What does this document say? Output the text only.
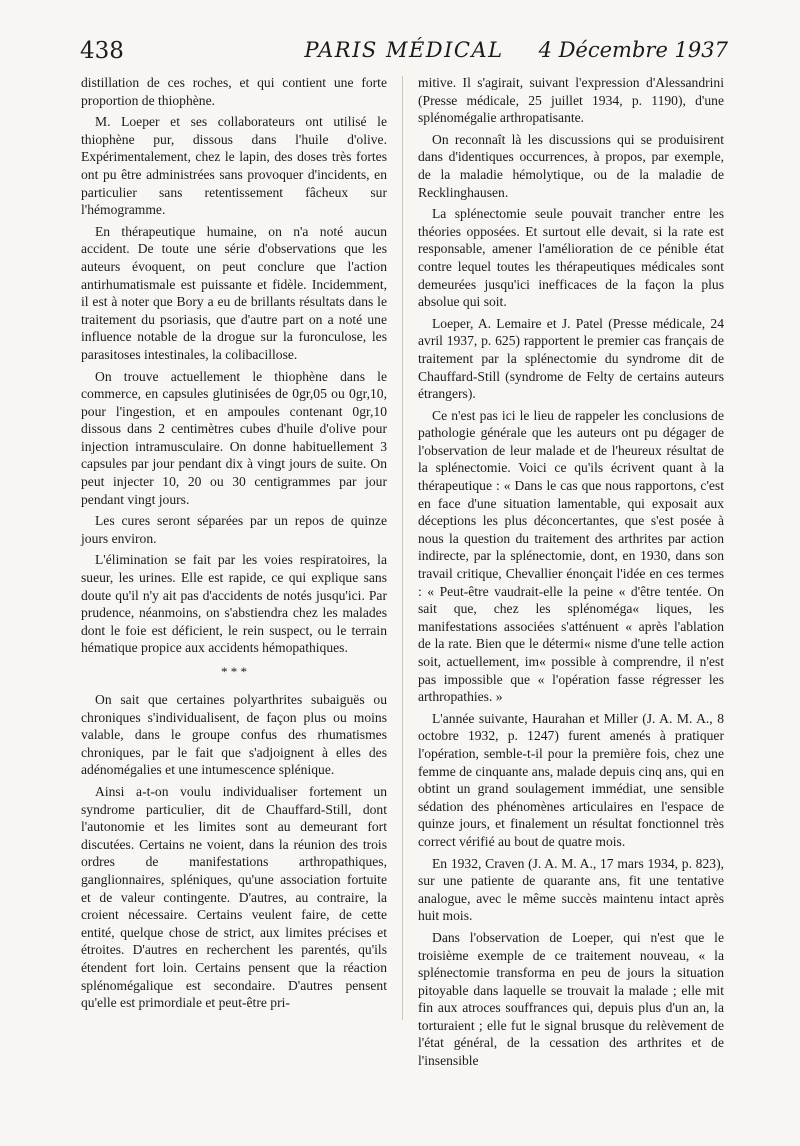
438	PARIS MÉDICAL	4 Décembre 1937

distillation de ces roches, et qui contient une forte proportion de thiophène.

M. Loeper et ses collaborateurs ont utilisé le thiophène pur, dissous dans l'huile d'olive. Expérimentalement, chez le lapin, des doses très fortes ont pu être administrées sans provoquer d'incidents, en particulier sans retentissement fâcheux sur l'hémogramme.

En thérapeutique humaine, on n'a noté aucun accident. De toute une série d'observations que les auteurs évoquent, on peut conclure que l'action antirhumatismale est puissante et fidèle. Incidemment, il est à noter que Bory a eu de brillants résultats dans le traitement du psoriasis, que d'autre part on a noté une influence notable de la drogue sur la furonculose, les parasitoses intestinales, la colibacillose.

On trouve actuellement le thiophène dans le commerce, en capsules glutinisées de 0gr,05 ou 0gr,10, pour l'ingestion, et en ampoules contenant 0gr,10 dissous dans 2 centimètres cubes d'huile d'olive pour injection intramusculaire. On donne habituellement 3 capsules par jour pendant dix à vingt jours de suite. On peut injecter 10, 20 ou 30 centigrammes par jour pendant vingt jours.

Les cures seront séparées par un repos de quinze jours environ.

L'élimination se fait par les voies respiratoires, la sueur, les urines. Elle est rapide, ce qui explique sans doute qu'il n'y ait pas d'accidents de notés jusqu'ici. Par prudence, néanmoins, on s'abstiendra chez les malades dont le foie est déficient, le rein suspect, ou le terrain hématique propice aux accidents hémopathiques.

* * *

On sait que certaines polyarthrites subaiguës ou chroniques s'individualisent, de façon plus ou moins valable, dans le groupe confus des rhumatismes chroniques, par le fait que s'adjoignent à elles des adénomégalies et une intumescence splénique.

Ainsi a-t-on voulu individualiser fortement un syndrome particulier, dit de Chauffard-Still, dont l'autonomie et les limites sont au demeurant fort discutées. Certains ne voient, dans la réunion des trois ordres de manifestations arthropathiques, ganglionnaires, spléniques, qu'une association fortuite et de valeur contingente. D'autres, au contraire, la croient nécessaire. Certains veulent faire, de cette entité, quelque chose de strict, aux limites précises et étroites. D'autres en recherchent les parentés, qu'ils étendent fort loin. Certains pensent que la réaction splénomégalique est secondaire. D'autres pensent qu'elle est primordiale et peut-être pri-

mitive. Il s'agirait, suivant l'expression d'Alessandrini (Presse médicale, 25 juillet 1934, p. 1190), d'une splénomégalie arthropatisante.

On reconnaît là les discussions qui se produisirent dans d'identiques occurrences, à propos, par exemple, de la maladie hémolytique, ou de la maladie de Recklinghausen.

La splénectomie seule pouvait trancher entre les théories opposées. Et surtout elle devait, si la rate est responsable, amener l'amélioration de ce pénible état contre lequel toutes les thérapeutiques médicales sont demeurées jusqu'ici inefficaces de la façon la plus absolue qui soit.

Loeper, A. Lemaire et J. Patel (Presse médicale, 24 avril 1937, p. 625) rapportent le premier cas français de traitement par la splénectomie du syndrome dit de Chauffard-Still (syndrome de Felty de certains auteurs étrangers).

Ce n'est pas ici le lieu de rappeler les conclusions de pathologie générale que les auteurs ont pu dégager de l'observation de leur malade et de l'heureux résultat de la splénectomie. Voici ce qu'ils écrivent quant à la thérapeutique : « Dans le cas que nous rapportons, c'est en face d'une situation lamentable, qui exposait aux déceptions les plus déconcertantes, que s'est posée à nous la question du traitement des arthrites par action indirecte, par la splénectomie, dont, en 1930, dans son travail critique, Chevallier énonçait l'idée en ces termes : « Peut-être vaudrait-elle la peine « d'être tentée. On sait que, chez les splénoméga« liques, les manifestations associées s'atténuent « après l'ablation de la rate. Bien que le détermi« nisme d'une telle action soit, actuellement, im« possible à comprendre, il n'est pas impossible que « l'opération fasse régresser les arthropathies. »

L'année suivante, Haurahan et Miller (J. A. M. A., 8 octobre 1932, p. 1247) furent amenés à pratiquer l'opération, semble-t-il pour la première fois, chez une femme de cinquante ans, malade depuis cinq ans, qui en obtint un grand soulagement immédiat, une sensible sédation des phénomènes articulaires en l'espace de quinze jours, et finalement un résultat fonctionnel très correct vérifié au bout de quatre mois.

En 1932, Craven (J. A. M. A., 17 mars 1934, p. 823), sur une patiente de quarante ans, fit une tentative analogue, avec le même succès maintenu intact après huit mois.

Dans l'observation de Loeper, qui n'est que le troisième exemple de ce traitement nouveau, « la splénectomie transforma en peu de jours la situation pitoyable dans laquelle se trouvait la malade ; elle mit fin aux atroces souffrances qui, depuis plus d'un an, la torturaient ; elle fut le signal brusque du relèvement de l'état général, de la cessation des arthrites et de l'insensible
